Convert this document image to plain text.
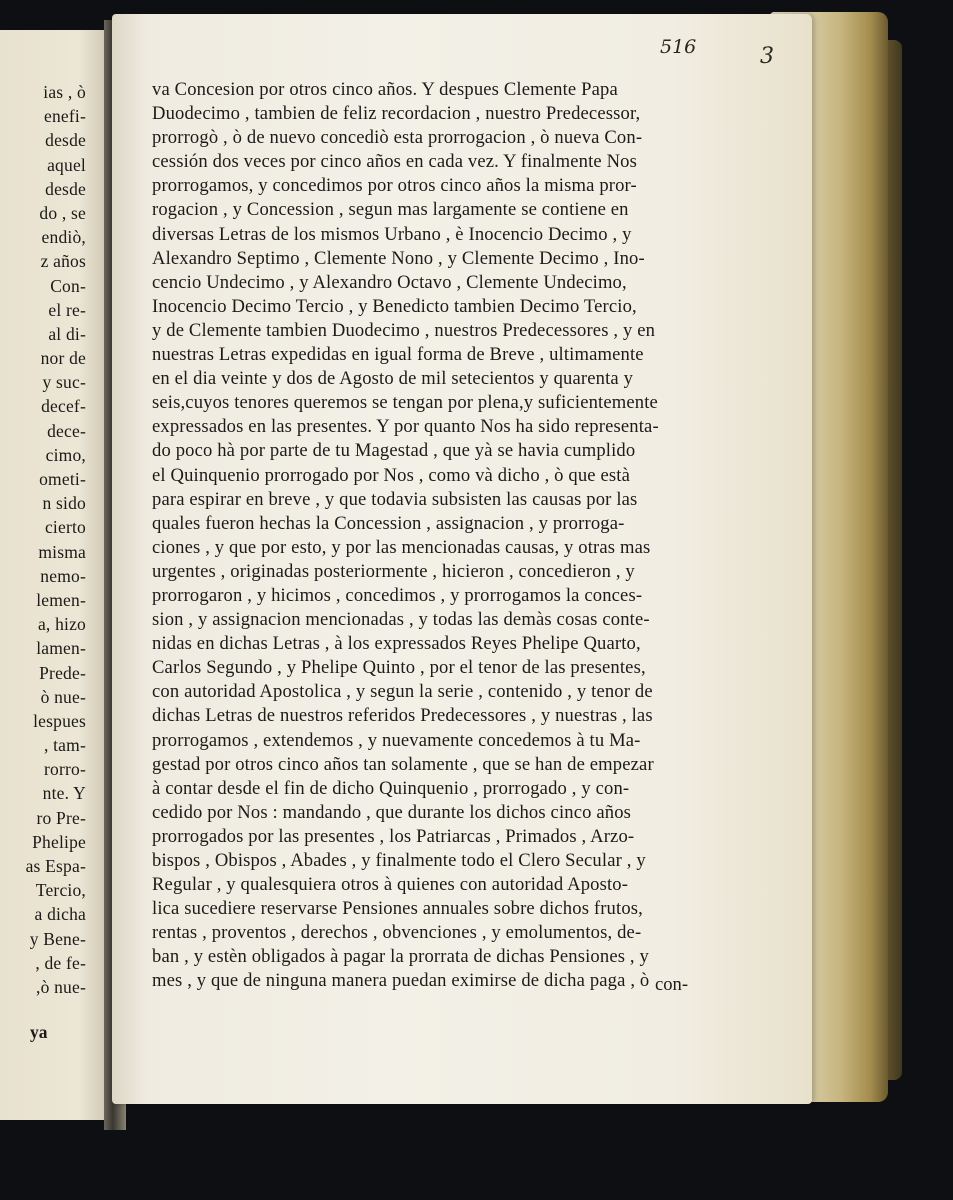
ias , ò
enefi-
desde
aquel
desde
do , se
endiò,
z años
Con-
el re-
al di-
nor de
y suc-
decef-
dece-
cimo,
ometi-
n sido
cierto
misma
nemo-
lemen-
a, hizo
lamen-
Prede-
ò nue-
lespues
, tam-
rorro-
nte. Y
ro Pre-
Phelipe
as Espa-
Tercio,
a dicha
y Bene-
, de fe-
,ò nue-
ya
516	3
va Concesion por otros cinco años. Y despues Clemente Papa
Duodecimo , tambien de feliz recordacion , nuestro Predecessor,
prorrogò , ò de nuevo concediò esta prorrogacion , ò nueva Con-
cessión dos veces por cinco años en cada vez. Y finalmente Nos
prorrogamos, y concedimos por otros cinco años la misma pror-
rogacion , y Concession , segun mas largamente se contiene en
diversas Letras de los mismos Urbano , è Inocencio Decimo , y
Alexandro Septimo , Clemente Nono , y Clemente Decimo , Ino-
cencio Undecimo , y Alexandro Octavo , Clemente Undecimo,
Inocencio Decimo Tercio , y Benedicto tambien Decimo Tercio,
y de Clemente tambien Duodecimo , nuestros Predecessores , y en
nuestras Letras expedidas en igual forma de Breve , ultimamente
en el dia veinte y dos de Agosto de mil setecientos y quarenta y
seis,cuyos tenores queremos se tengan por plena,y suficientemente
expressados en las presentes. Y por quanto Nos ha sido representa-
do poco hà por parte de tu Magestad , que yà se havia cumplido
el Quinquenio prorrogado por Nos , como và dicho , ò que està
para espirar en breve , y que todavia subsisten las causas por las
quales fueron hechas la Concession , assignacion , y prorroga-
ciones , y que por esto, y por las mencionadas causas, y otras mas
urgentes , originadas posteriormente , hicieron , concedieron , y
prorrogaron , y hicimos , concedimos , y prorrogamos la conces-
sion , y assignacion mencionadas , y todas las demàs cosas conte-
nidas en dichas Letras , à los expressados Reyes Phelipe Quarto,
Carlos Segundo , y Phelipe Quinto , por el tenor de las presentes,
con autoridad Apostolica , y segun la serie , contenido , y tenor de
dichas Letras de nuestros referidos Predecessores , y nuestras , las
prorrogamos , extendemos , y nuevamente concedemos à tu Ma-
gestad por otros cinco años tan solamente , que se han de empezar
à contar desde el fin de dicho Quinquenio , prorrogado , y con-
cedido por Nos : mandando , que durante los dichos cinco años
prorrogados por las presentes , los Patriarcas , Primados , Arzo-
bispos , Obispos , Abades , y finalmente todo el Clero Secular , y
Regular , y qualesquiera otros à quienes con autoridad Aposto-
lica sucediere reservarse Pensiones annuales sobre dichos frutos,
rentas , proventos , derechos , obvenciones , y emolumentos, de-
ban , y estèn obligados à pagar la prorrata de dichas Pensiones , y
mes , y que de ninguna manera puedan eximirse de dicha paga , ò con-
